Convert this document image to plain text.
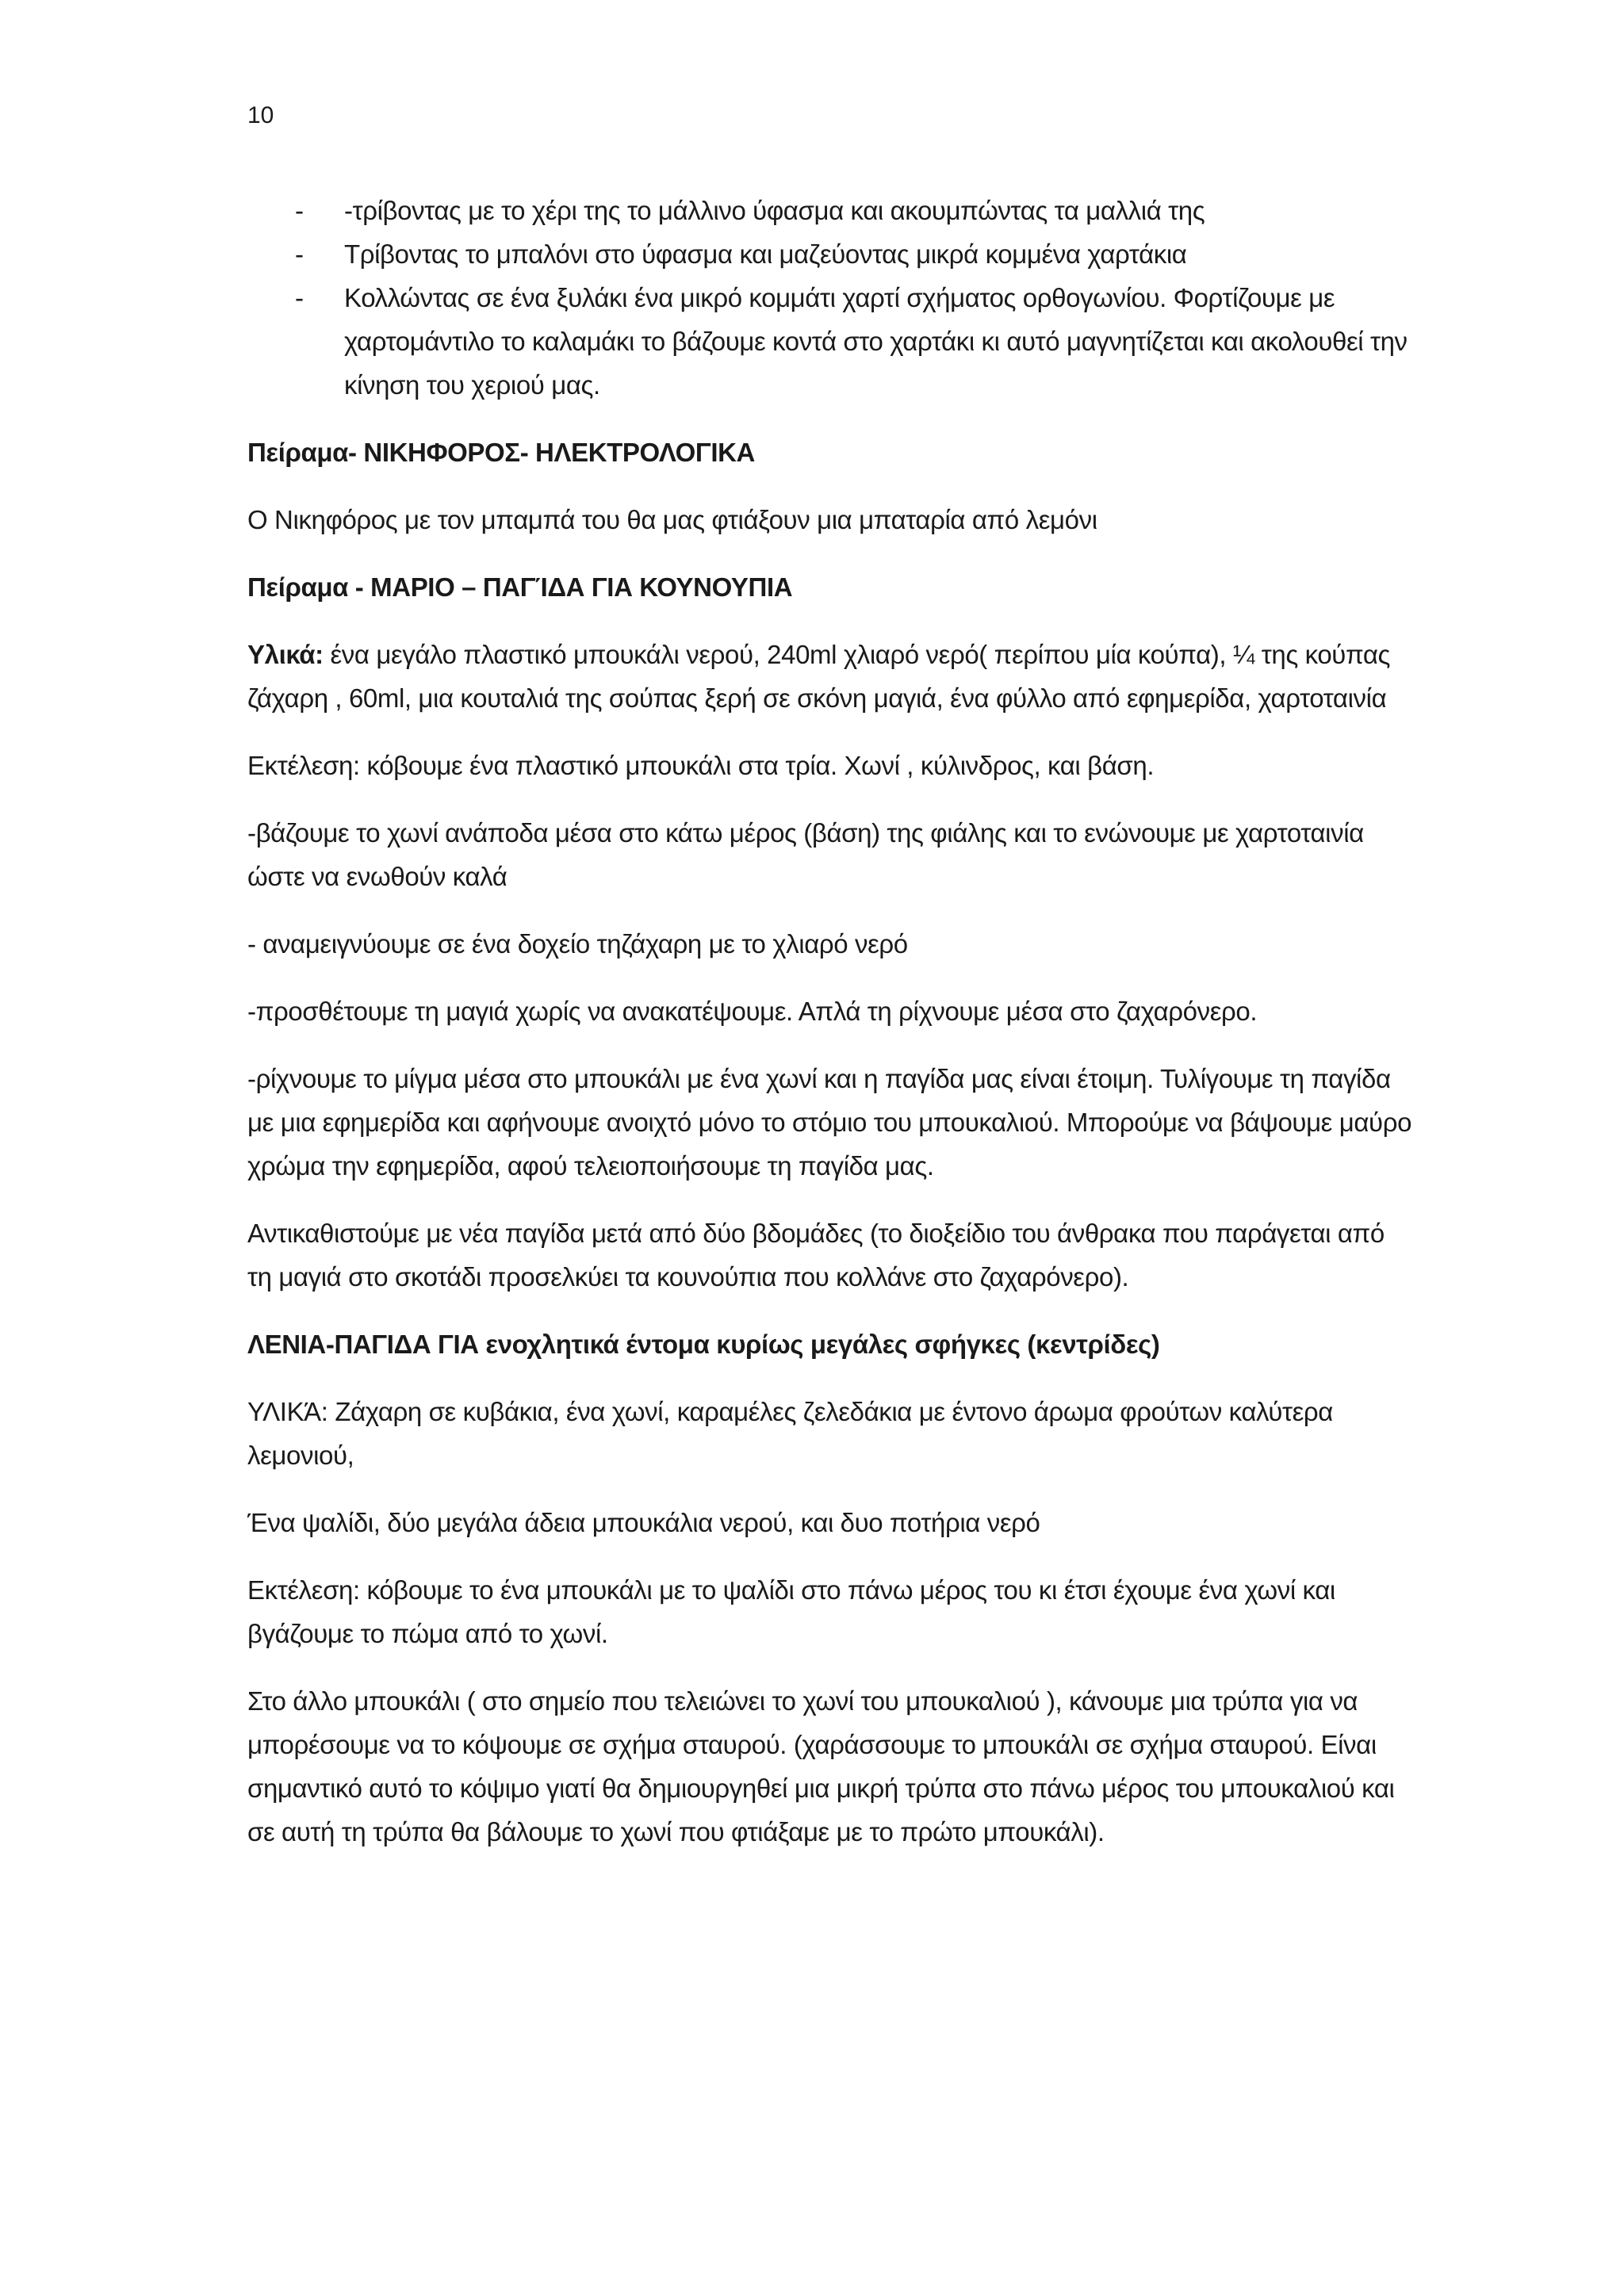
10
- -τρίβοντας με το χέρι της το μάλλινο ύφασμα και ακουμπώντας τα μαλλιά της
- Τρίβοντας το μπαλόνι στο ύφασμα και μαζεύοντας μικρά κομμένα χαρτάκια
- Κολλώντας σε ένα ξυλάκι ένα μικρό κομμάτι χαρτί σχήματος ορθογωνίου. Φορτίζουμε με χαρτομάντιλο το καλαμάκι το βάζουμε κοντά στο χαρτάκι κι αυτό μαγνητίζεται και ακολουθεί την κίνηση του χεριού μας.

Πείραμα- ΝΙΚΗΦΟΡΟΣ- ΗΛΕΚΤΡΟΛΟΓΙΚΑ

Ο Νικηφόρος με τον μπαμπά του θα μας φτιάξουν μια μπαταρία από λεμόνι

Πείραμα - ΜΑΡΙΟ – ΠΑΓΊΔΑ ΓΙΑ ΚΟΥΝΟΥΠΙΑ

Υλικά: ένα μεγάλο πλαστικό μπουκάλι νερού, 240ml χλιαρό νερό( περίπου μία κούπα), ¼ της κούπας ζάχαρη , 60ml, μια κουταλιά της σούπας ξερή σε σκόνη μαγιά, ένα φύλλο από εφημερίδα, χαρτοταινία

Εκτέλεση: κόβουμε ένα πλαστικό μπουκάλι στα τρία. Χωνί , κύλινδρος, και βάση.

-βάζουμε το χωνί ανάποδα μέσα στο κάτω μέρος (βάση) της φιάλης και το ενώνουμε με χαρτοταινία ώστε να ενωθούν καλά

- αναμειγνύουμε σε ένα δοχείο τηζάχαρη με το χλιαρό νερό

-προσθέτουμε τη μαγιά χωρίς να ανακατέψουμε. Απλά τη ρίχνουμε μέσα στο ζαχαρόνερο.

-ρίχνουμε το μίγμα μέσα στο μπουκάλι με ένα χωνί και η παγίδα μας είναι έτοιμη. Τυλίγουμε τη παγίδα με μια εφημερίδα και αφήνουμε ανοιχτό μόνο το στόμιο του μπουκαλιού. Μπορούμε να βάψουμε μαύρο χρώμα την εφημερίδα, αφού τελειοποιήσουμε τη παγίδα μας.

Αντικαθιστούμε με νέα παγίδα μετά από δύο βδομάδες (το διοξείδιο του άνθρακα που παράγεται από τη μαγιά στο σκοτάδι προσελκύει τα κουνούπια που κολλάνε στο ζαχαρόνερο).

ΛΕΝΙΑ-ΠΑΓΙΔΑ ΓΙΑ ενοχλητικά έντομα κυρίως μεγάλες σφήγκες (κεντρίδες)

ΥΛΙΚΆ: Ζάχαρη σε κυβάκια, ένα χωνί, καραμέλες ζελεδάκια με έντονο άρωμα φρούτων καλύτερα λεμονιού,

Ένα ψαλίδι, δύο μεγάλα άδεια μπουκάλια νερού, και δυο ποτήρια νερό

Εκτέλεση: κόβουμε το ένα μπουκάλι με το ψαλίδι στο πάνω μέρος του κι έτσι έχουμε ένα χωνί και βγάζουμε το πώμα από το χωνί.

Στο άλλο μπουκάλι ( στο σημείο που τελειώνει το χωνί του μπουκαλιού ), κάνουμε μια τρύπα για να μπορέσουμε να το κόψουμε σε σχήμα σταυρού. (χαράσσουμε το μπουκάλι σε σχήμα σταυρού. Είναι σημαντικό αυτό το κόψιμο γιατί θα δημιουργηθεί μια μικρή τρύπα στο πάνω μέρος του μπουκαλιού και σε αυτή τη τρύπα θα βάλουμε το χωνί που φτιάξαμε με το πρώτο μπουκάλι).
